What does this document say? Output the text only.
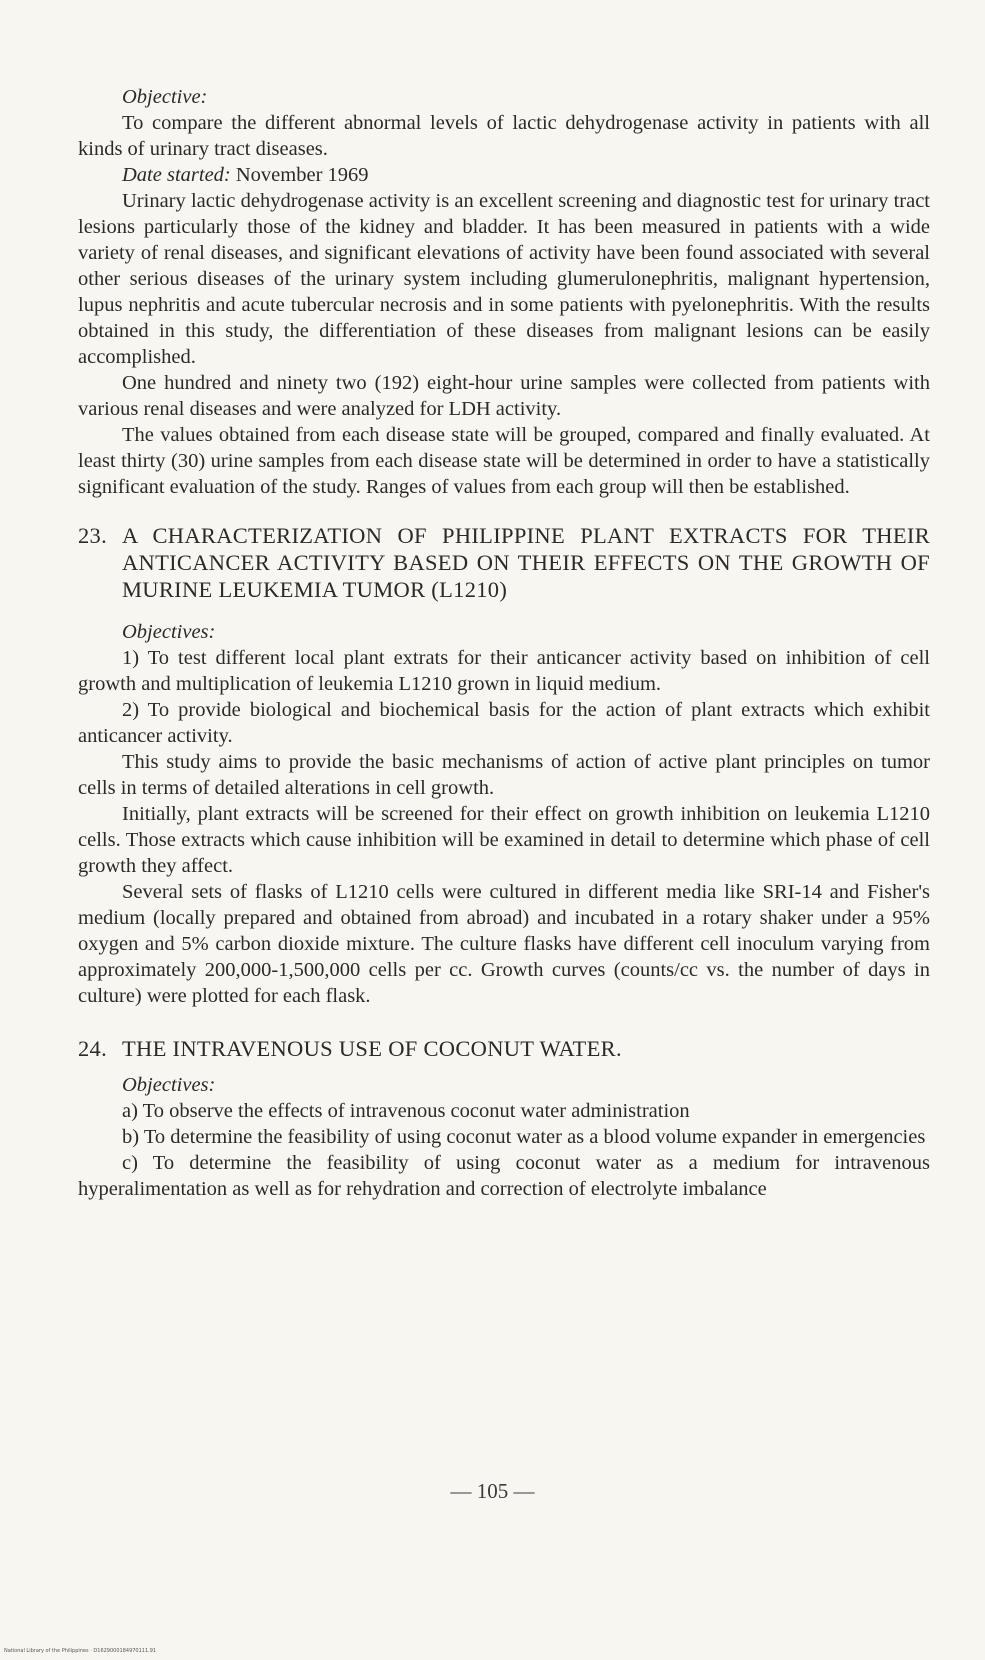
Objective:

To compare the different abnormal levels of lactic dehydrogenase activity in patients with all kinds of urinary tract diseases.

Date started: November 1969

Urinary lactic dehydrogenase activity is an excellent screening and diagnostic test for urinary tract lesions particularly those of the kidney and bladder. It has been measured in patients with a wide variety of renal diseases, and significant elevations of activity have been found associated with several other serious diseases of the urinary system including glumerulonephritis, malignant hypertension, lupus nephritis and acute tubercular necrosis and in some patients with pyelonephritis. With the results obtained in this study, the differentiation of these diseases from malignant lesions can be easily accomplished.

One hundred and ninety two (192) eight-hour urine samples were collected from patients with various renal diseases and were analyzed for LDH activity.

The values obtained from each disease state will be grouped, compared and finally evaluated. At least thirty (30) urine samples from each disease state will be determined in order to have a statistically significant evaluation of the study. Ranges of values from each group will then be established.

23. A CHARACTERIZATION OF PHILIPPINE PLANT EXTRACTS FOR THEIR ANTICANCER ACTIVITY BASED ON THEIR EFFECTS ON THE GROWTH OF MURINE LEUKEMIA TUMOR (L1210)

Objectives:

1) To test different local plant extrats for their anticancer activity based on inhibition of cell growth and multiplication of leukemia L1210 grown in liquid medium.

2) To provide biological and biochemical basis for the action of plant extracts which exhibit anticancer activity.

This study aims to provide the basic mechanisms of action of active plant principles on tumor cells in terms of detailed alterations in cell growth.

Initially, plant extracts will be screened for their effect on growth inhibition on leukemia L1210 cells. Those extracts which cause inhibition will be examined in detail to determine which phase of cell growth they affect.

Several sets of flasks of L1210 cells were cultured in different media like SRI-14 and Fisher's medium (locally prepared and obtained from abroad) and incubated in a rotary shaker under a 95% oxygen and 5% carbon dioxide mixture. The culture flasks have different cell inoculum varying from approximately 200,000-1,500,000 cells per cc. Growth curves (counts/cc vs. the number of days in culture) were plotted for each flask.

24. THE INTRAVENOUS USE OF COCONUT WATER.

Objectives:

a) To observe the effects of intravenous coconut water administration

b) To determine the feasibility of using coconut water as a blood volume expander in emergencies

c) To determine the feasibility of using coconut water as a medium for intravenous hyperalimentation as well as for rehydration and correction of electrolyte imbalance

— 105 —
National Library of the Philippines · D1629000184970111.91
